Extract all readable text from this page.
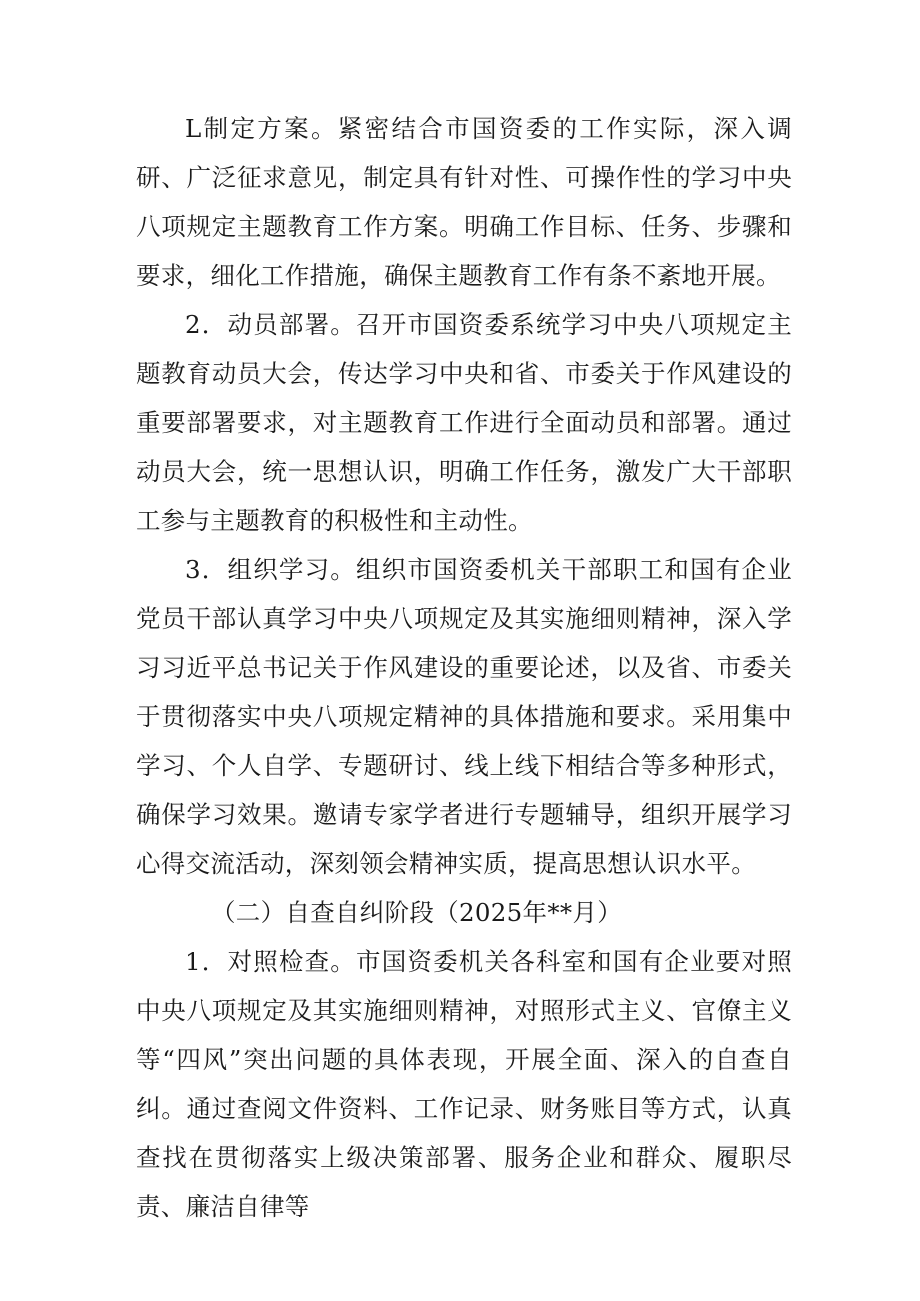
L制定方案。紧密结合市国资委的工作实际，深入调研、广泛征求意见，制定具有针对性、可操作性的学习中央八项规定主题教育工作方案。明确工作目标、任务、步骤和要求，细化工作措施，确保主题教育工作有条不紊地开展。

2．动员部署。召开市国资委系统学习中央八项规定主题教育动员大会，传达学习中央和省、市委关于作风建设的重要部署要求，对主题教育工作进行全面动员和部署。通过动员大会，统一思想认识，明确工作任务，激发广大干部职工参与主题教育的积极性和主动性。

3．组织学习。组织市国资委机关干部职工和国有企业党员干部认真学习中央八项规定及其实施细则精神，深入学习习近平总书记关于作风建设的重要论述，以及省、市委关于贯彻落实中央八项规定精神的具体措施和要求。采用集中学习、个人自学、专题研讨、线上线下相结合等多种形式，确保学习效果。邀请专家学者进行专题辅导，组织开展学习心得交流活动，深刻领会精神实质，提高思想认识水平。

（二）自查自纠阶段（2025年**月）

1．对照检查。市国资委机关各科室和国有企业要对照中央八项规定及其实施细则精神，对照形式主义、官僚主义等“四风”突出问题的具体表现，开展全面、深入的自查自纠。通过查阅文件资料、工作记录、财务账目等方式，认真查找在贯彻落实上级决策部署、服务企业和群众、履职尽责、廉洁自律等
